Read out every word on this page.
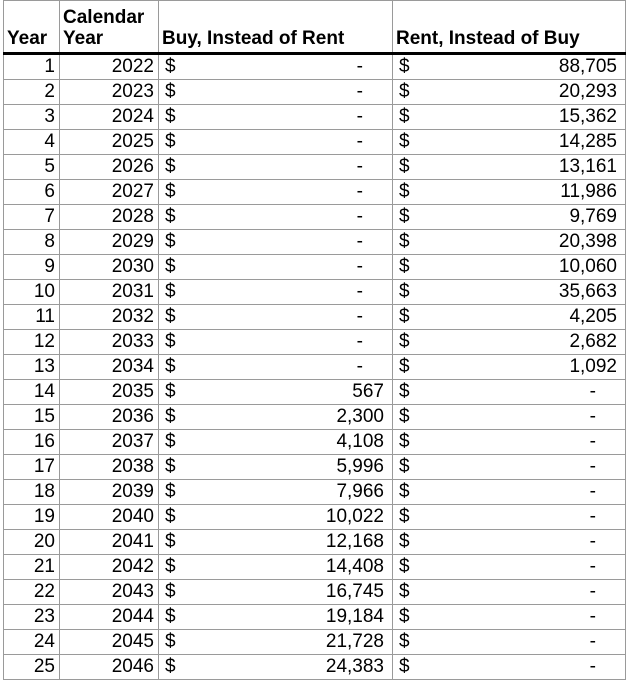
Year	Calendar Year	Buy, Instead of Rent	Rent, Instead of Buy
1	2022	$ -	$ 88,705

2	2023	$ -	$ 20,293

3	2024	$ -	$ 15,362

4	2025	$ -	$ 14,285

5	2026	$ -	$ 13,161

6	2027	$ -	$ 11,986

7	2028	$ -	$ 9,769

8	2029	$ -	$ 20,398

9	2030	$ -	$ 10,060

10	2031	$ -	$ 35,663

11	2032	$ -	$ 4,205

12	2033	$ -	$ 2,682

13	2034	$ -	$ 1,092

14	2035	$ 567	$ -

15	2036	$ 2,300	$ -

16	2037	$ 4,108	$ -

17	2038	$ 5,996	$ -

18	2039	$ 7,966	$ -

19	2040	$ 10,022	$ -

20	2041	$ 12,168	$ -

21	2042	$ 14,408	$ -

22	2043	$ 16,745	$ -

23	2044	$ 19,184	$ -

24	2045	$ 21,728	$ -

25	2046	$ 24,383	$ -
